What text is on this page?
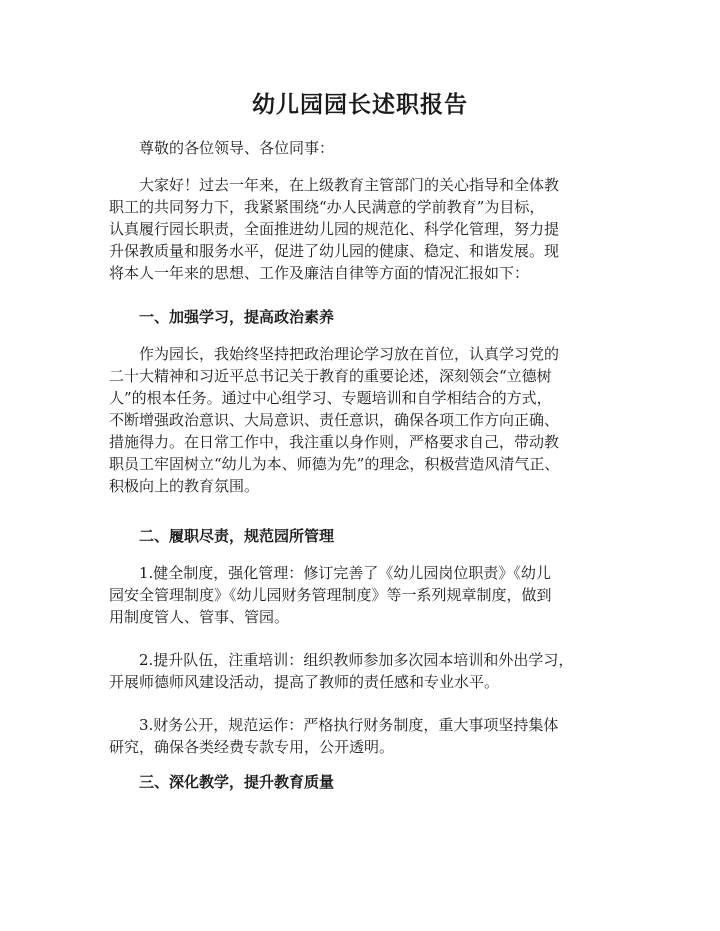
幼儿园园长述职报告

尊敬的各位领导、各位同事：

大家好！过去一年来，在上级教育主管部门的关心指导和全体教

职工的共同努力下，我紧紧围绕“办人民满意的学前教育”为目标，

认真履行园长职责，全面推进幼儿园的规范化、科学化管理，努力提

升保教质量和服务水平，促进了幼儿园的健康、稳定、和谐发展。现

将本人一年来的思想、工作及廉洁自律等方面的情况汇报如下：

一、加强学习，提高政治素养

作为园长，我始终坚持把政治理论学习放在首位，认真学习党的

二十大精神和习近平总书记关于教育的重要论述，深刻领会“立德树

人”的根本任务。通过中心组学习、专题培训和自学相结合的方式，

不断增强政治意识、大局意识、责任意识，确保各项工作方向正确、

措施得力。在日常工作中，我注重以身作则，严格要求自己，带动教

职员工牢固树立“幼儿为本、师德为先”的理念，积极营造风清气正、

积极向上的教育氛围。

二、履职尽责，规范园所管理

1.健全制度，强化管理：修订完善了《幼儿园岗位职责》《幼儿

园安全管理制度》《幼儿园财务管理制度》等一系列规章制度，做到

用制度管人、管事、管园。

2.提升队伍，注重培训：组织教师参加多次园本培训和外出学习，

开展师德师风建设活动，提高了教师的责任感和专业水平。

3.财务公开，规范运作：严格执行财务制度，重大事项坚持集体

研究，确保各类经费专款专用，公开透明。

三、深化教学，提升教育质量
